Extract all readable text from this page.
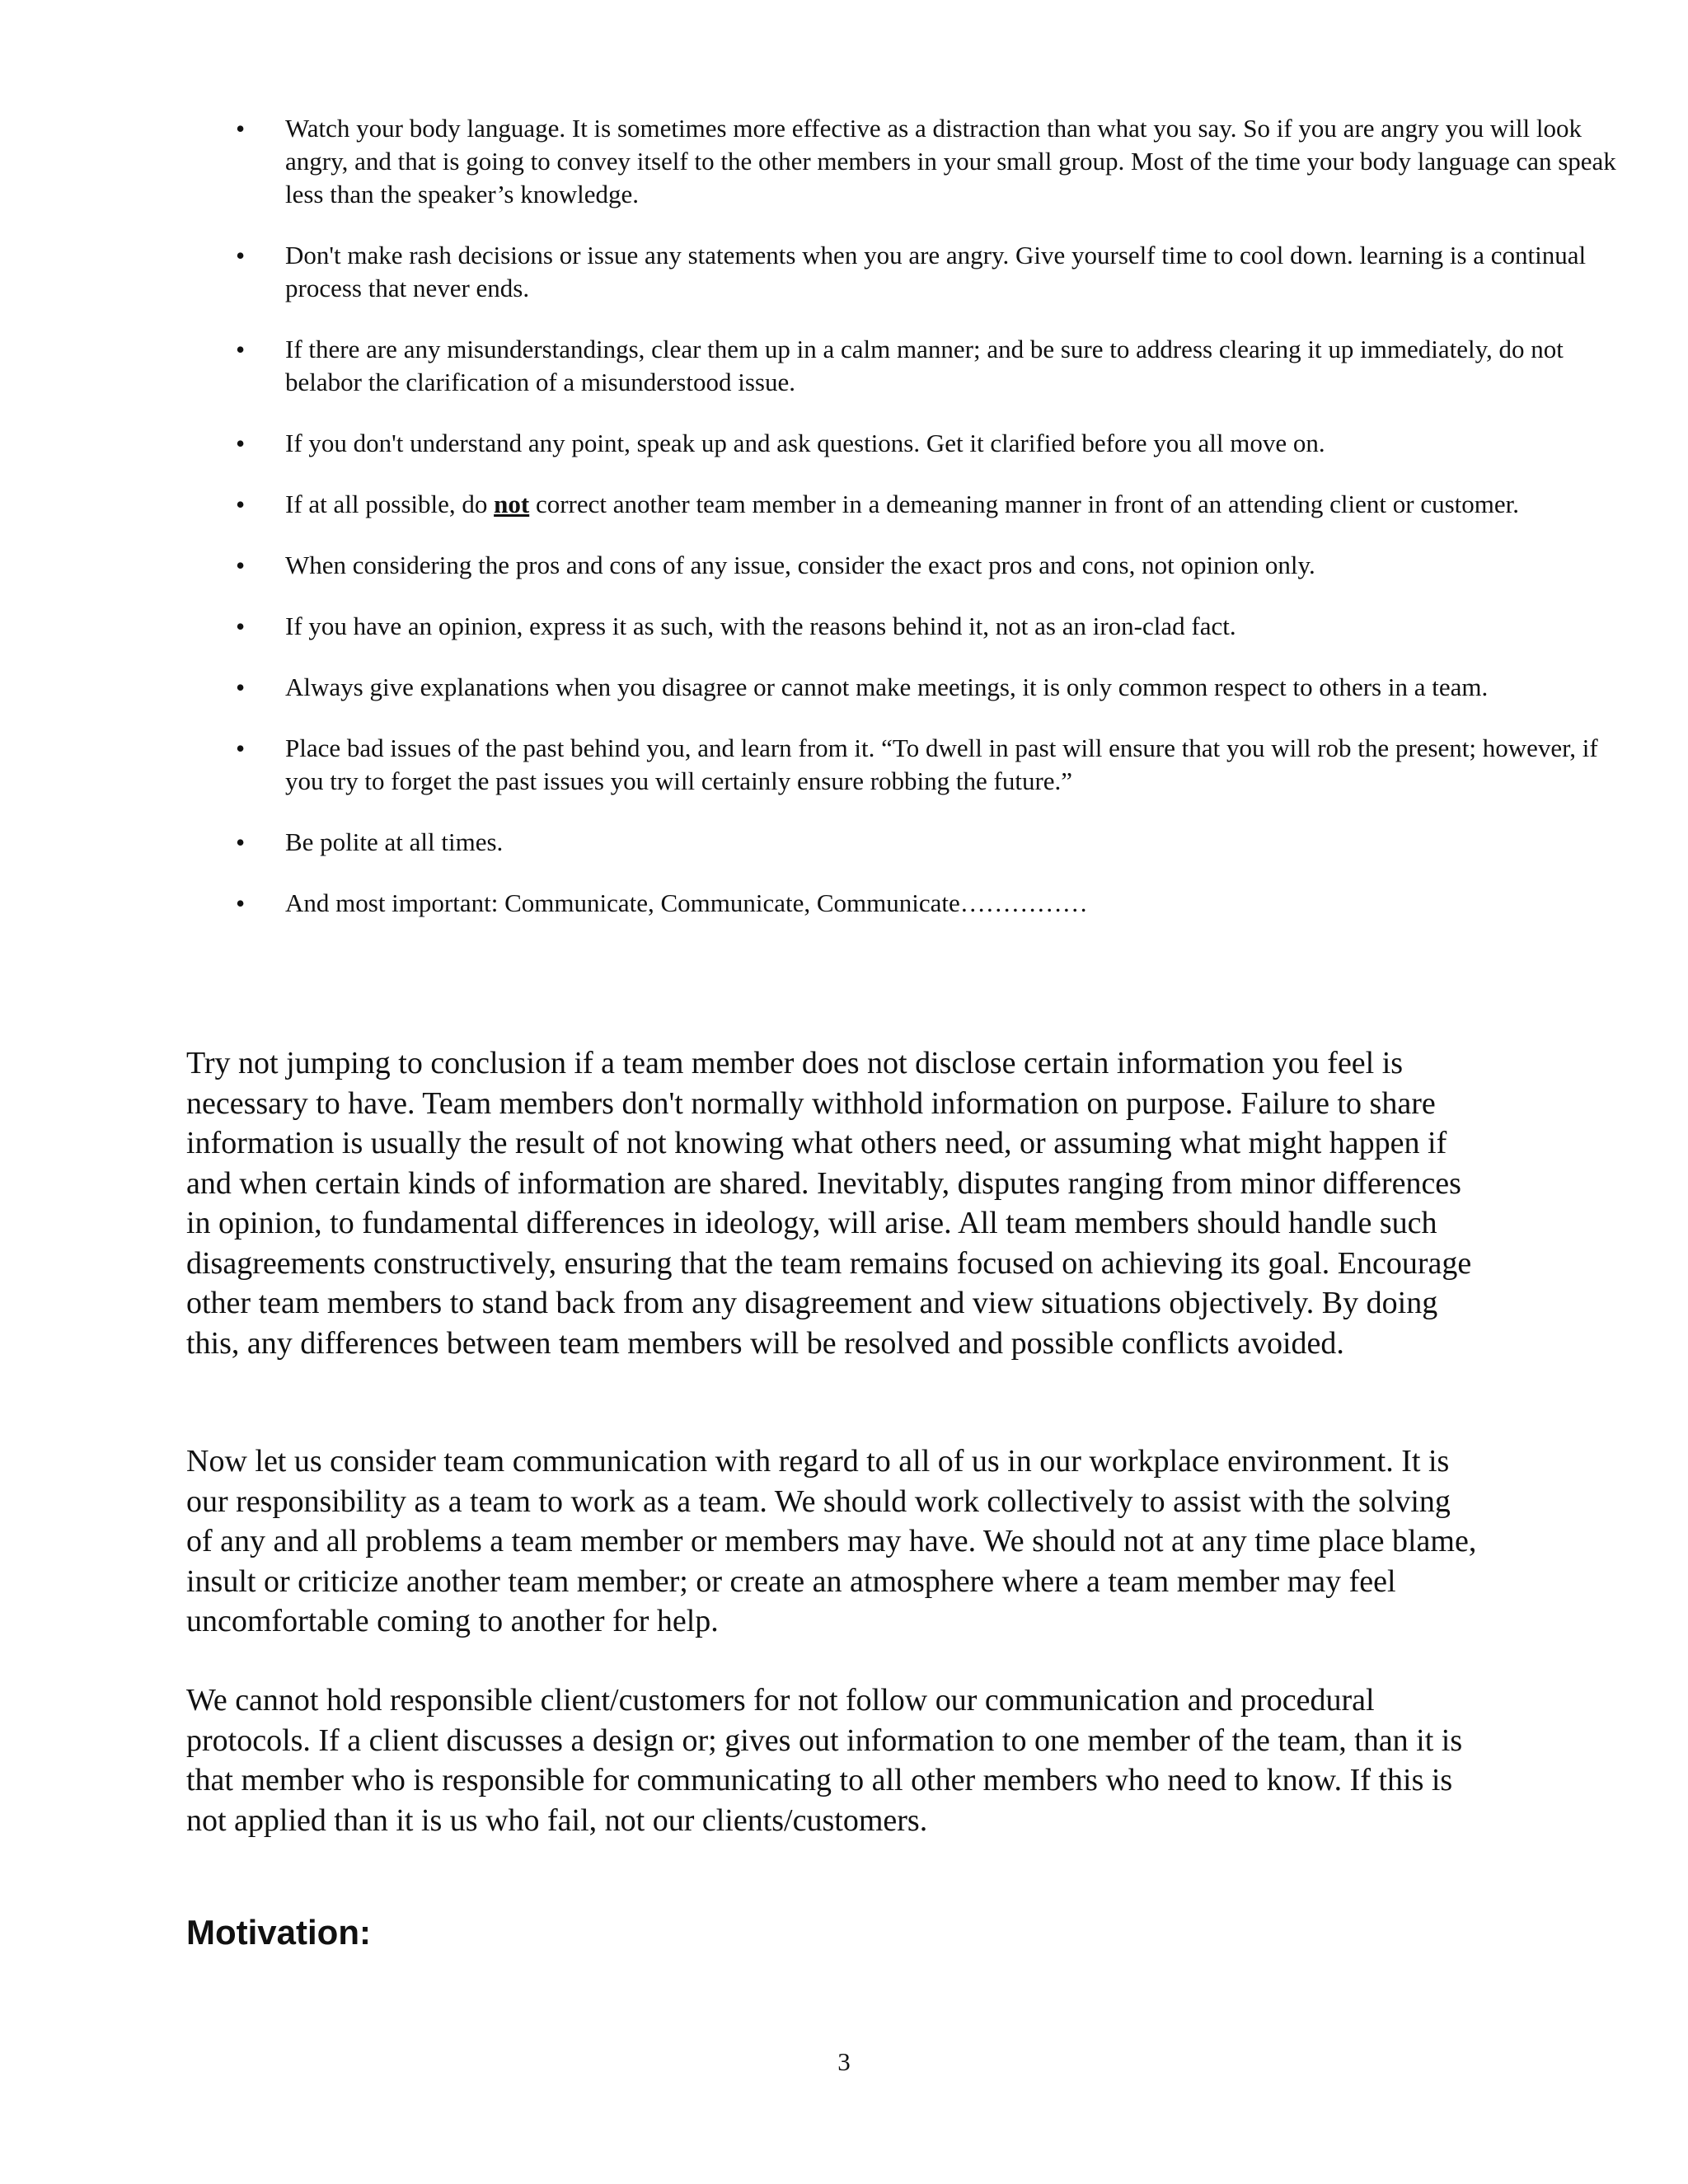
• Watch your body language. It is sometimes more effective as a distraction than what you say. So if you are angry you will look angry, and that is going to convey itself to the other members in your small group. Most of the time your body language can speak less than the speaker’s knowledge.
• Don't make rash decisions or issue any statements when you are angry. Give yourself time to cool down. learning is a continual process that never ends.
• If there are any misunderstandings, clear them up in a calm manner; and be sure to address clearing it up immediately, do not belabor the clarification of a misunderstood issue.
• If you don't understand any point, speak up and ask questions. Get it clarified before you all move on.
• If at all possible, do not correct another team member in a demeaning manner in front of an attending client or customer.
• When considering the pros and cons of any issue, consider the exact pros and cons, not opinion only.
• If you have an opinion, express it as such, with the reasons behind it, not as an iron-clad fact.
• Always give explanations when you disagree or cannot make meetings, it is only common respect to others in a team.
• Place bad issues of the past behind you, and learn from it. “To dwell in past will ensure that you will rob the present; however, if you try to forget the past issues you will certainly ensure robbing the future.”
• Be polite at all times.
• And most important: Communicate, Communicate, Communicate……………

Try not jumping to conclusion if a team member does not disclose certain information you feel is necessary to have. Team members don't normally withhold information on purpose. Failure to share information is usually the result of not knowing what others need, or assuming what might happen if and when certain kinds of information are shared. Inevitably, disputes ranging from minor differences in opinion, to fundamental differences in ideology, will arise. All team members should handle such disagreements constructively, ensuring that the team remains focused on achieving its goal. Encourage other team members to stand back from any disagreement and view situations objectively. By doing this, any differences between team members will be resolved and possible conflicts avoided.

Now let us consider team communication with regard to all of us in our workplace environment. It is our responsibility as a team to work as a team. We should work collectively to assist with the solving of any and all problems a team member or members may have. We should not at any time place blame, insult or criticize another team member; or create an atmosphere where a team member may feel uncomfortable coming to another for help.

We cannot hold responsible client/customers for not follow our communication and procedural protocols. If a client discusses a design or; gives out information to one member of the team, than it is that member who is responsible for communicating to all other members who need to know. If this is not applied than it is us who fail, not our clients/customers.

Motivation:
3
